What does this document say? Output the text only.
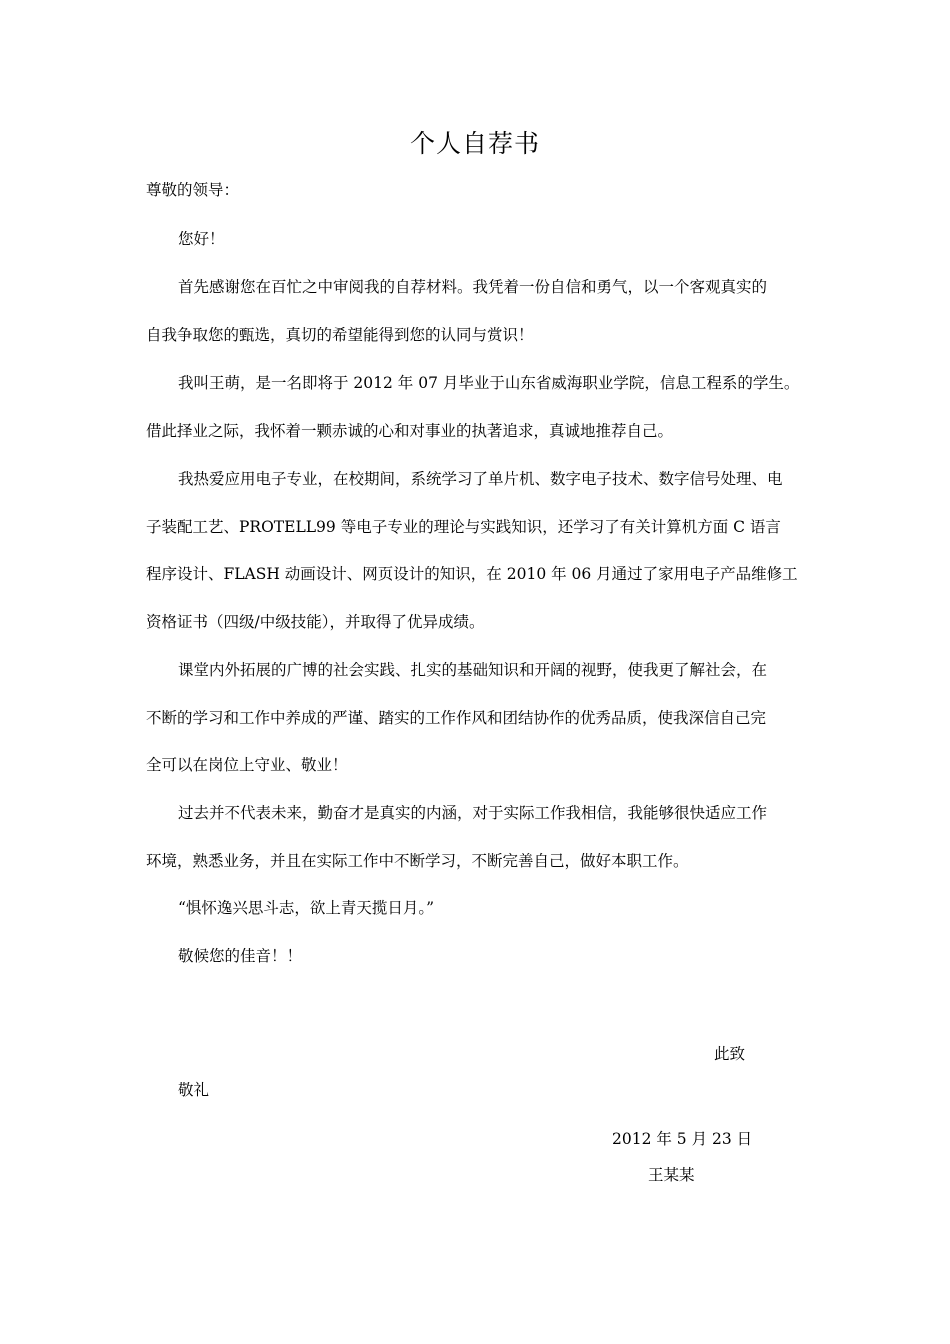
个人自荐书
尊敬的领导：
您好！
首先感谢您在百忙之中审阅我的自荐材料。我凭着一份自信和勇气，以一个客观真实的
自我争取您的甄选，真切的希望能得到您的认同与赏识！
我叫王萌，是一名即将于 2012 年 07 月毕业于山东省威海职业学院，信息工程系的学生。
借此择业之际，我怀着一颗赤诚的心和对事业的执著追求，真诚地推荐自己。
我热爱应用电子专业，在校期间，系统学习了单片机、数字电子技术、数字信号处理、电
子装配工艺、PROTELL99 等电子专业的理论与实践知识，还学习了有关计算机方面 C 语言
程序设计、FLASH 动画设计、网页设计的知识，在 2010 年 06 月通过了家用电子产品维修工
资格证书（四级/中级技能），并取得了优异成绩。
课堂内外拓展的广博的社会实践、扎实的基础知识和开阔的视野，使我更了解社会，在
不断的学习和工作中养成的严谨、踏实的工作作风和团结协作的优秀品质，使我深信自己完
全可以在岗位上守业、敬业！
过去并不代表未来，勤奋才是真实的内涵，对于实际工作我相信，我能够很快适应工作
环境，熟悉业务，并且在实际工作中不断学习，不断完善自己，做好本职工作。
“惧怀逸兴思斗志，欲上青天揽日月。”
敬候您的佳音！！
此致
敬礼
2012 年 5 月 23 日
王某某
